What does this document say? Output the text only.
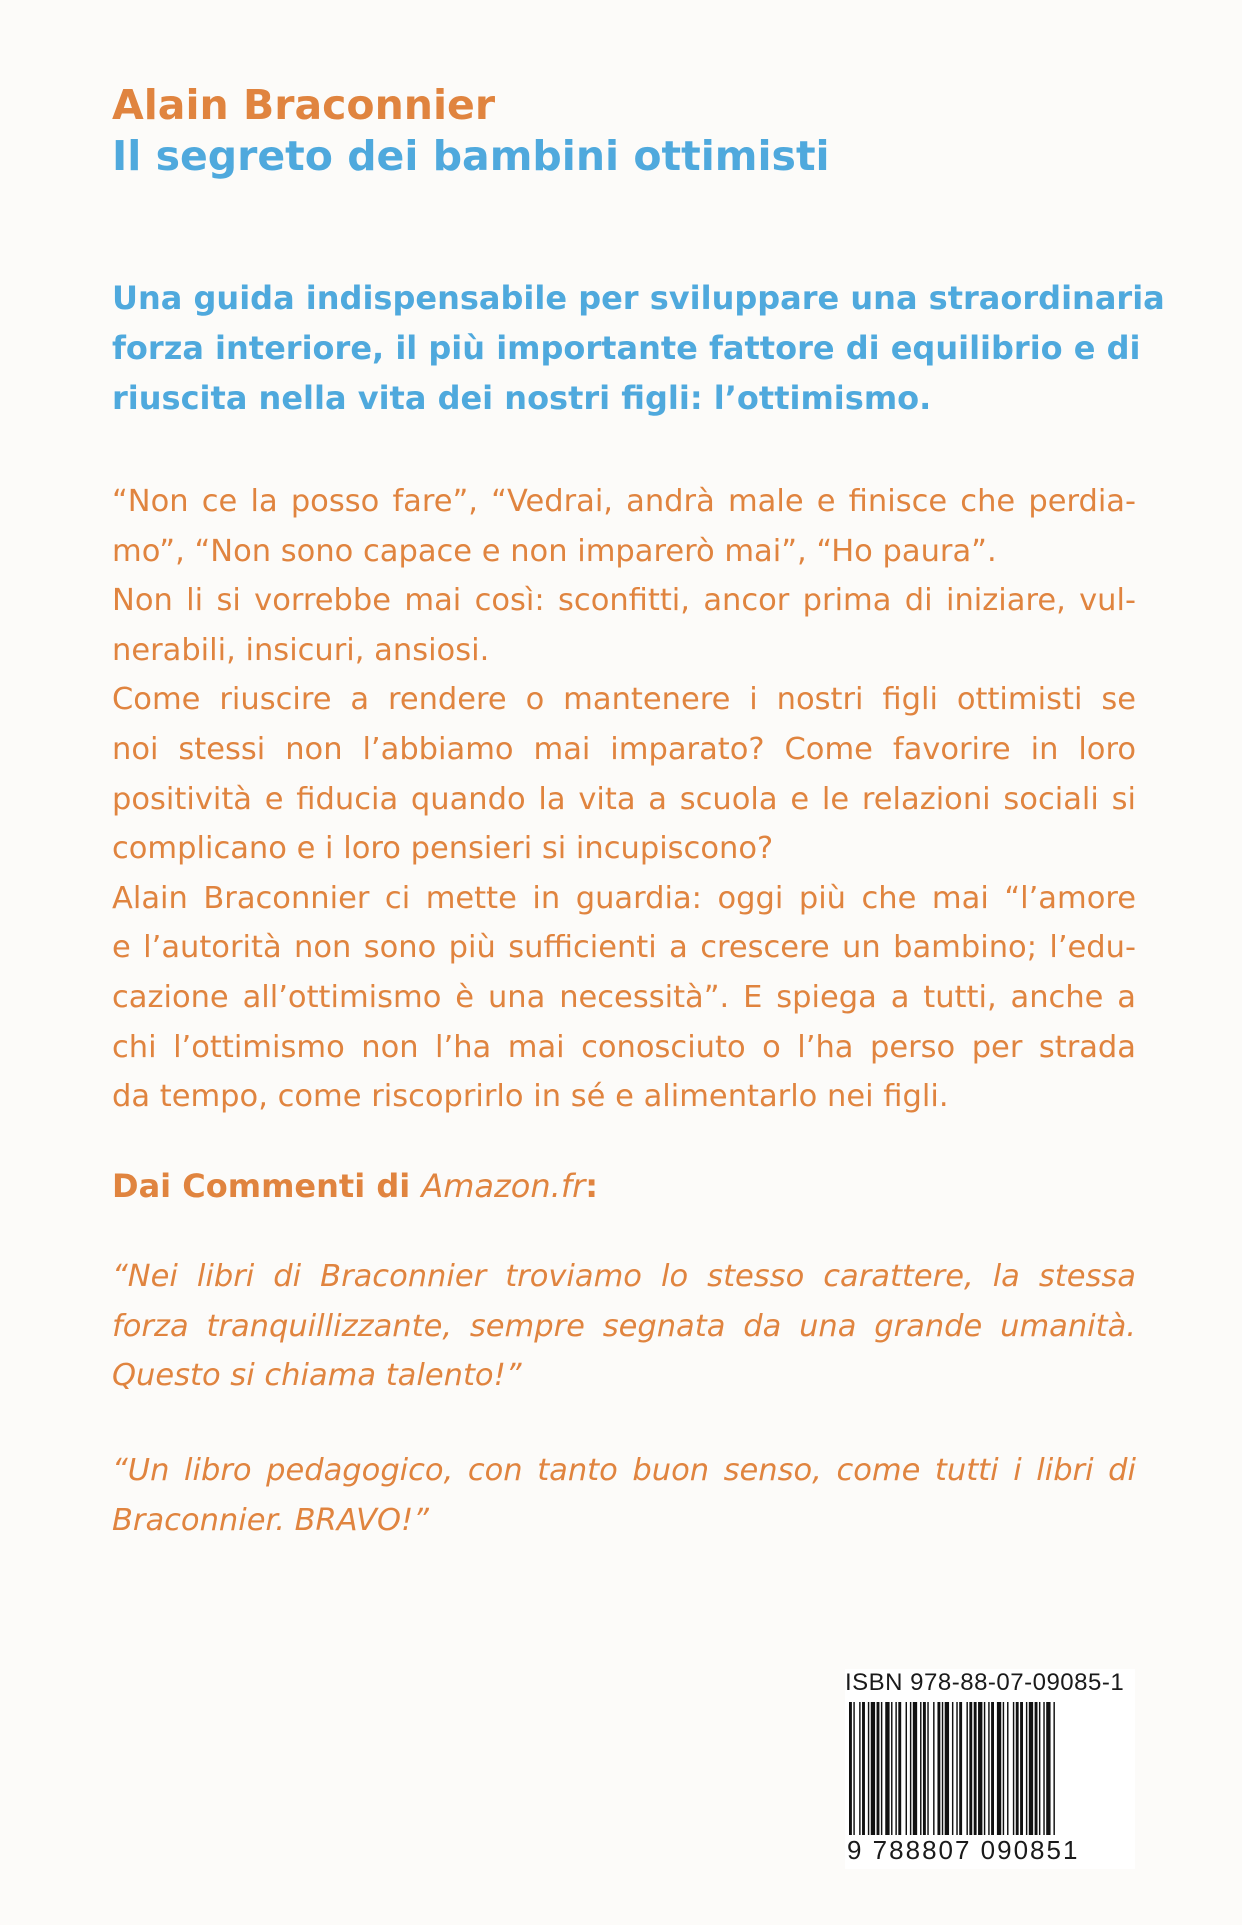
Alain Braconnier
Il segreto dei bambini ottimisti
Una guida indispensabile per sviluppare una straordinaria
forza interiore, il più importante fattore di equilibrio e di
riuscita nella vita dei nostri figli: l’ottimismo.
“Non ce la posso fare”, “Vedrai, andrà male e finisce che perdia-
mo”, “Non sono capace e non imparerò mai”, “Ho paura”.
Non li si vorrebbe mai così: sconfitti, ancor prima di iniziare, vul-
nerabili, insicuri, ansiosi.
Come riuscire a rendere o mantenere i nostri figli ottimisti se
noi stessi non l’abbiamo mai imparato? Come favorire in loro
positività e fiducia quando la vita a scuola e le relazioni sociali si
complicano e i loro pensieri si incupiscono?
Alain Braconnier ci mette in guardia: oggi più che mai “l’amore
e l’autorità non sono più sufficienti a crescere un bambino; l’edu-
cazione all’ottimismo è una necessità”. E spiega a tutti, anche a
chi l’ottimismo non l’ha mai conosciuto o l’ha perso per strada
da tempo, come riscoprirlo in sé e alimentarlo nei figli.
Dai Commenti di Amazon.fr:
“Nei libri di Braconnier troviamo lo stesso carattere, la stessa
forza tranquillizzante, sempre segnata da una grande umanità.
Questo si chiama talento!”
“Un libro pedagogico, con tanto buon senso, come tutti i libri di
Braconnier. BRAVO!”
ISBN 978-88-07-09085-1
9 788807 090851
